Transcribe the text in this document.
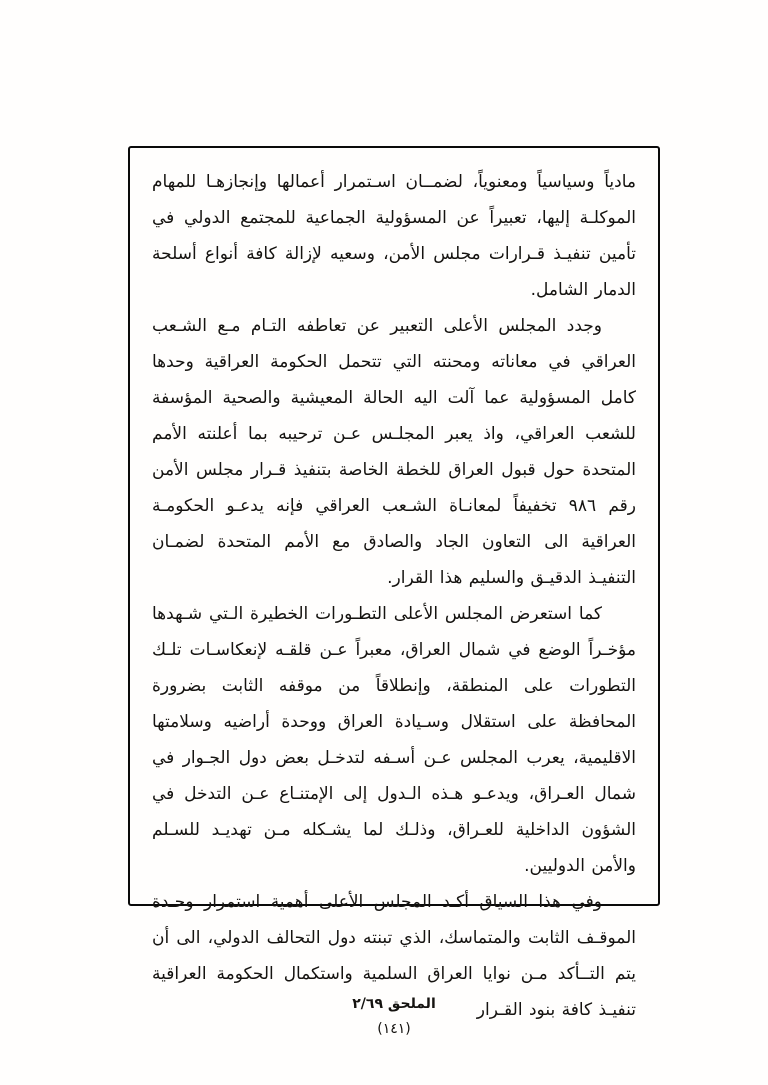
مادياً وسياسياً ومعنوياً، لضمــان اسـتمرار أعمالها وإنجازهـا للمهام الموكلـة إليها، تعبيراً عن المسؤولية الجماعية للمجتمع الدولي في تأمين تنفيـذ قـرارات مجلس الأمن، وسعيه لإزالة كافة أنواع أسلحة الدمار الشامل.

وجدد المجلس الأعلى التعبير عن تعاطفه التـام مـع الشـعب العراقي في معاناته ومحنته التي تتحمل الحكومة العراقية وحدها كامل المسؤولية عما آلت اليه الحالة المعيشية والصحية المؤسفة للشعب العراقي، واذ يعبر المجلـس عـن ترحيبه بما أعلنته الأمم المتحدة حول قبول العراق للخطة الخاصة بتنفيذ قـرار مجلس الأمن رقم ٩٨٦ تخفيفاً لمعانـاة الشـعب العراقي فإنه يدعـو الحكومـة العراقية الى التعاون الجاد والصادق مع الأمم المتحدة لضمـان التنفيـذ الدقيـق والسليم هذا القرار.

كما استعرض المجلس الأعلى التطـورات الخطيرة الـتي شـهدها مؤخـراً الوضع في شمال العراق، معبراً عـن قلقـه لإنعكاسـات تلـك التطورات على المنطقة، وإنطلاقاً من موقفه الثابت بضرورة المحافظة على استقلال وسـيادة العراق ووحدة أراضيه وسلامتها الاقليمية، يعرب المجلس عـن أسـفه لتدخـل بعض دول الجـوار في شمال العـراق، ويدعـو هـذه الـدول إلى الإمتنـاع عـن التدخل في الشؤون الداخلية للعـراق، وذلـك لما يشـكله مـن تهديـد للسـلم والأمن الدوليين.

وفي هذا السياق أكـد المجلس الأعلى أهمية استمرار وحـدة الموقـف الثابت والمتماسك، الذي تبنته دول التحالف الدولي، الى أن يتم التــأكد مـن نوايا العراق السلمية واستكمال الحكومة العراقية تنفيـذ كافة بنود القـرار

الملحق ٢/٦٩
(١٤١)
